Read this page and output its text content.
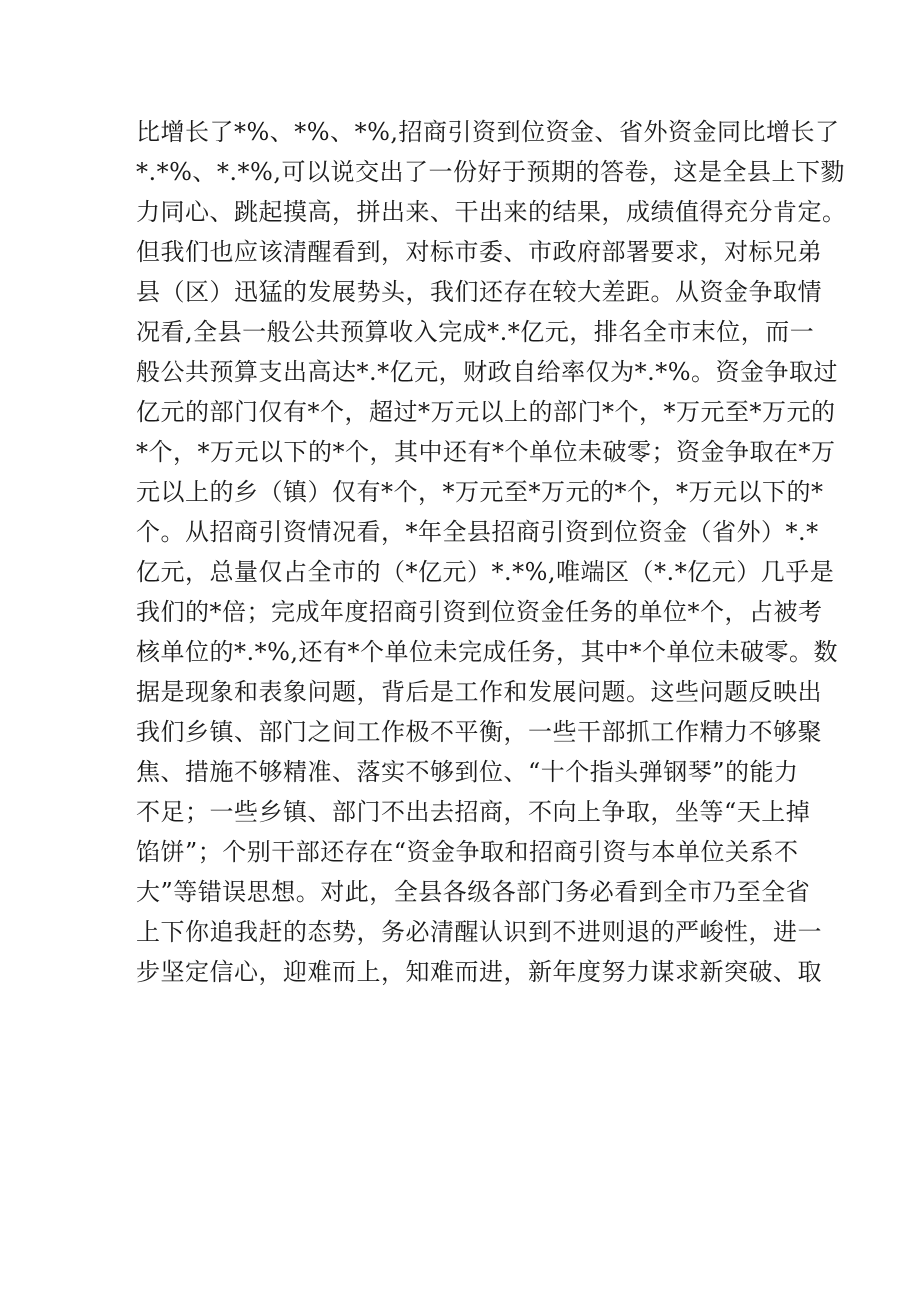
比增长了*%、*%、*%,招商引资到位资金、省外资金同比增长了
*.*%、*.*%,可以说交出了一份好于预期的答卷，这是全县上下勠
力同心、跳起摸高，拼出来、干出来的结果，成绩值得充分肯定。
但我们也应该清醒看到，对标市委、市政府部署要求，对标兄弟
县（区）迅猛的发展势头，我们还存在较大差距。从资金争取情
况看,全县一般公共预算收入完成*.*亿元，排名全市末位，而一
般公共预算支出高达*.*亿元，财政自给率仅为*.*%。资金争取过
亿元的部门仅有*个，超过*万元以上的部门*个，*万元至*万元的
*个，*万元以下的*个，其中还有*个单位未破零；资金争取在*万
元以上的乡（镇）仅有*个，*万元至*万元的*个，*万元以下的*
个。从招商引资情况看，*年全县招商引资到位资金（省外）*.*
亿元，总量仅占全市的（*亿元）*.*%,唯端区（*.*亿元）几乎是
我们的*倍；完成年度招商引资到位资金任务的单位*个，占被考
核单位的*.*%,还有*个单位未完成任务，其中*个单位未破零。数
据是现象和表象问题，背后是工作和发展问题。这些问题反映出
我们乡镇、部门之间工作极不平衡，一些干部抓工作精力不够聚
焦、措施不够精准、落实不够到位、“十个指头弹钢琴”的能力
不足；一些乡镇、部门不出去招商，不向上争取，坐等“天上掉
馅饼”；个别干部还存在“资金争取和招商引资与本单位关系不
大”等错误思想。对此，全县各级各部门务必看到全市乃至全省
上下你追我赶的态势，务必清醒认识到不进则退的严峻性，进一
步坚定信心，迎难而上，知难而进，新年度努力谋求新突破、取
